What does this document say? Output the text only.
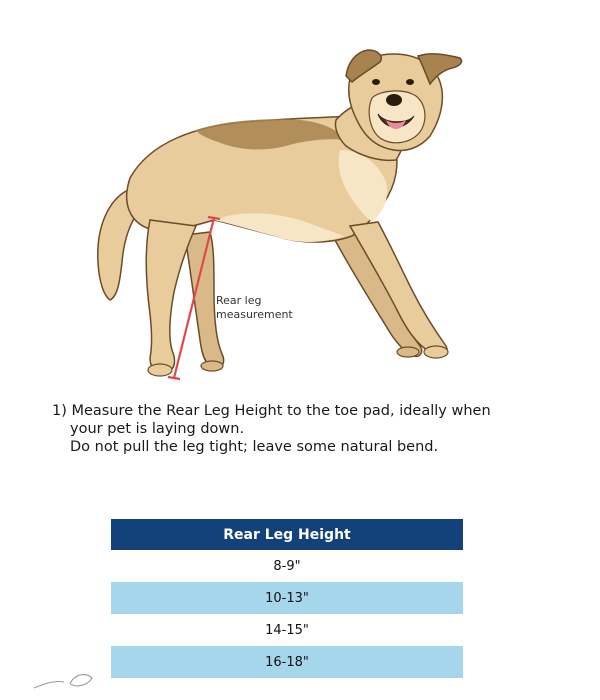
Rear leg
measurement
1) Measure the Rear Leg Height to the toe pad, ideally when
your pet is laying down.
Do not pull the leg tight; leave some natural bend.
Rear Leg Height
8-9"
10-13"
14-15"
16-18"
